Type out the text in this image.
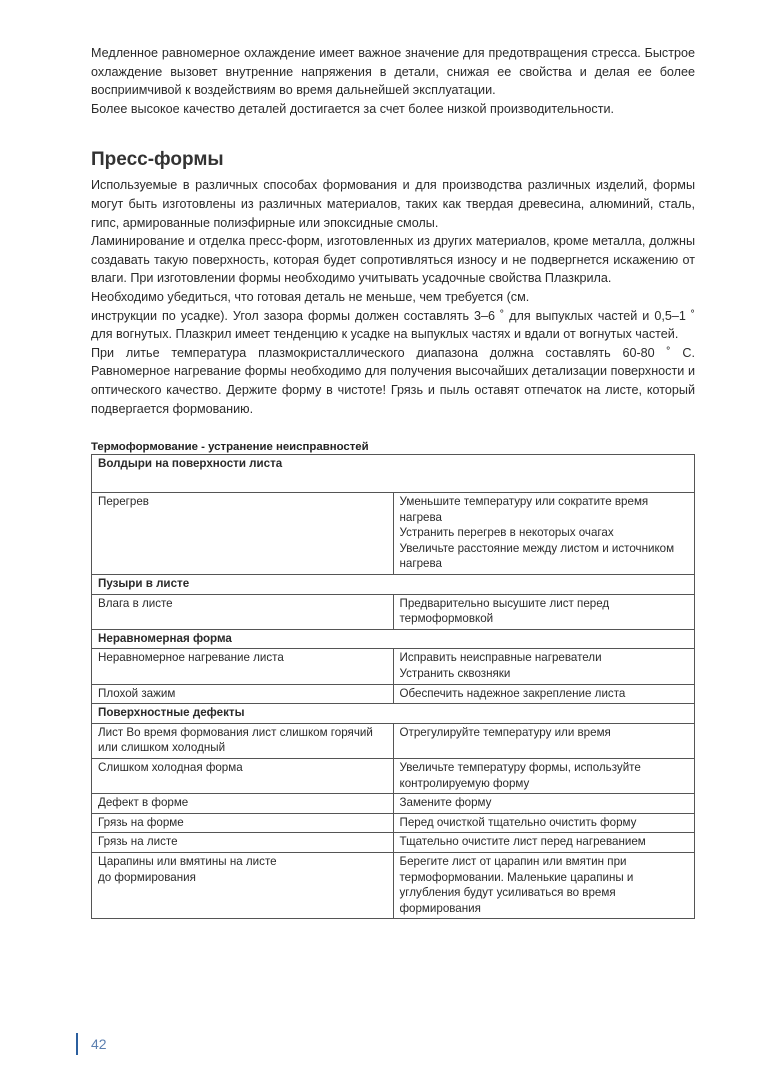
Медленное равномерное охлаждение имеет важное значение для предотвращения стресса. Быстрое охлаждение вызовет внутренние напряжения в детали, снижая ее свойства и делая ее более восприимчивой к воздействиям во время дальнейшей эксплуатации.

Более высокое качество деталей достигается за счет более низкой производительности.

Пресс-формы

Используемые в различных способах формования и для производства различных изделий, формы могут быть изготовлены из различных материалов, таких как твердая древесина, алюминий, сталь, гипс, армированные полиэфирные или эпоксидные смолы.

Ламинирование и отделка пресс-форм, изготовленных из других материалов, кроме металла, должны создавать такую поверхность, которая будет сопротивляться износу и не подвергнется искажению от влаги. При изготовлении формы необходимо учитывать усадочные свойства Плазкрила.

Необходимо убедиться, что готовая деталь не меньше, чем требуется (см.

инструкции по усадке). Угол зазора формы должен составлять 3–6 ˚ для выпуклых частей и 0,5–1 ˚ для вогнутых. Плазкрил имеет тенденцию к усадке на выпуклых частях и вдали от вогнутых частей.

При литье температура плазмокристаллического диапазона должна составлять 60-80 ˚ С. Равномерное нагревание формы необходимо для получения высочайших детализации поверхности и оптического качество. Держите форму в чистоте! Грязь и пыль оставят отпечаток на листе, который подвергается формованию.

Термоформование - устранение неисправностей
Волдыри на поверхности листа	

Перегрев	Уменьшите температуру или сократите время нагрева
Устранить перегрев в некоторых очагах
Увеличьте расстояние между листом и источником нагрева

Пузыри в листе	

Влага в листе	Предварительно высушите лист перед термоформовкой

Неравномерная форма	

Неравномерное нагревание листа	Исправить неисправные нагреватели
Устранить сквозняки

Плохой зажим	Обеспечить надежное закрепление листа

Поверхностные дефекты	

Лист Во время формования лист слишком горячий или слишком холодный	Отрегулируйте температуру или время

Слишком холодная форма	Увеличьте температуру формы, используйте контролируемую форму

Дефект в форме	Замените форму

Грязь на форме	Перед очисткой тщательно очистить форму

Грязь на листе	Тщательно очистите лист перед нагреванием

Царапины или вмятины на листе
до формирования	Берегите лист от царапин или вмятин при термоформовании. Маленькие царапины и углубления будут усиливаться во время формирования
42
